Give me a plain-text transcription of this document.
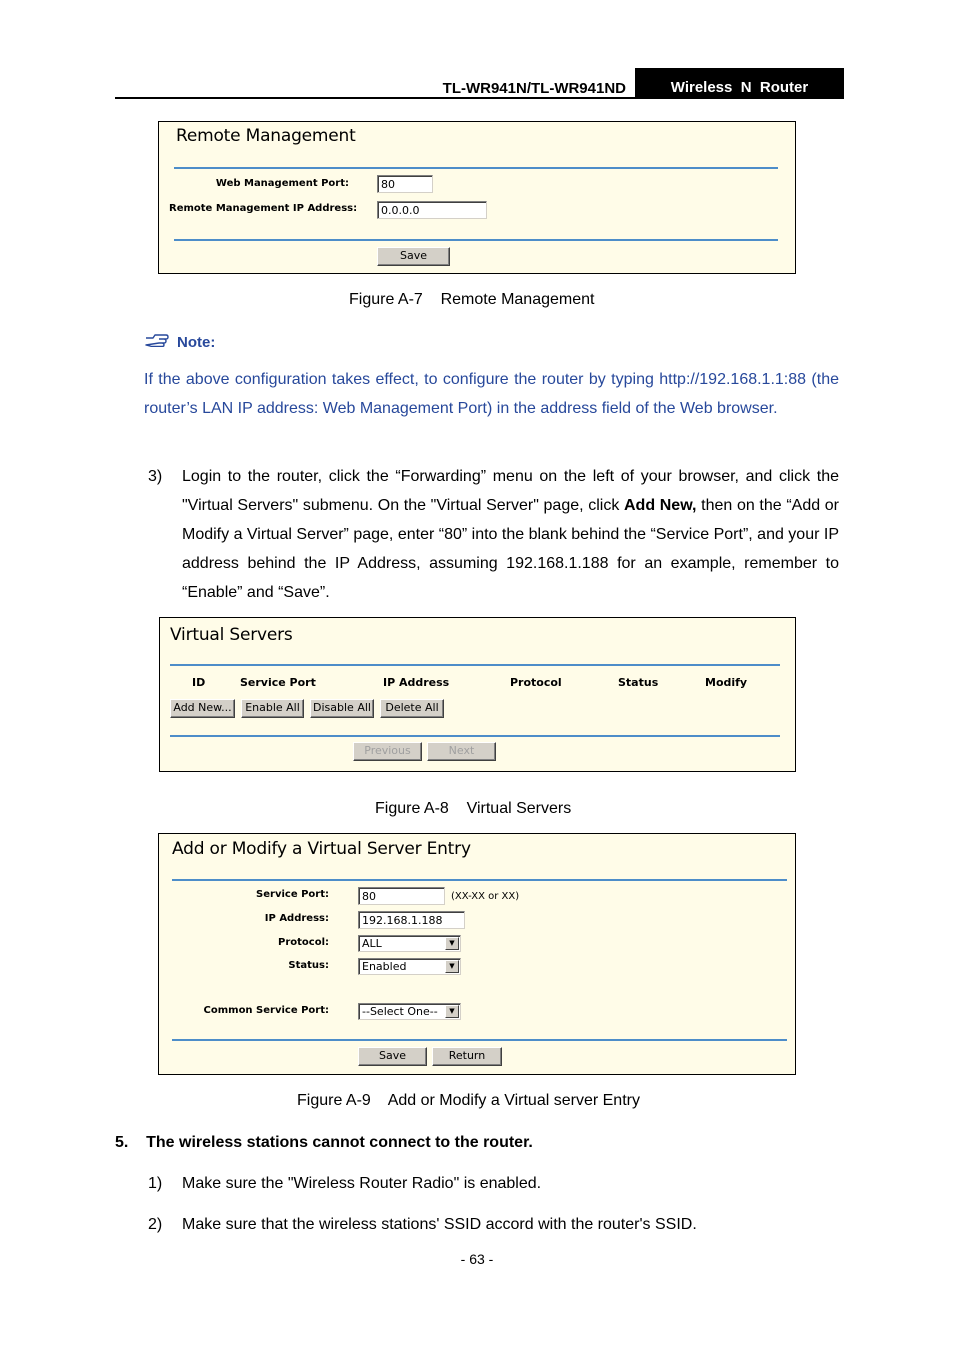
TL-WR941N/TL-WR941ND	Wireless  N  Router
Remote Management
Web Management Port:	80
Remote Management IP Address:	0.0.0.0
Save
Figure A-7    Remote Management
Note:
If the above configuration takes effect, to configure the router by typing http://192.168.1.1:88 (the router’s LAN IP address: Web Management Port) in the address field of the Web browser.
3) Login to the router, click the “Forwarding” menu on the left of your browser, and click the "Virtual Servers" submenu. On the "Virtual Server" page, click Add New, then on the “Add or Modify a Virtual Server” page, enter “80” into the blank behind the “Service Port”, and your IP address behind the IP Address, assuming 192.168.1.188 for an example, remember to “Enable” and “Save”.
Virtual Servers
ID	Service Port	IP Address	Protocol	Status	Modify
Add New...	Enable All	Disable All	Delete All
Previous	Next
Figure A-8    Virtual Servers
Add or Modify a Virtual Server Entry
Service Port:	80	(XX-XX or XX)
IP Address:	192.168.1.188
Protocol:	ALL	▼
Status:	Enabled	▼
Common Service Port:	--Select One--	▼
Save	Return
Figure A-9    Add or Modify a Virtual server Entry
5.    The wireless stations cannot connect to the router.
1) Make sure the "Wireless Router Radio" is enabled.
2) Make sure that the wireless stations' SSID accord with the router's SSID.
- 63 -
